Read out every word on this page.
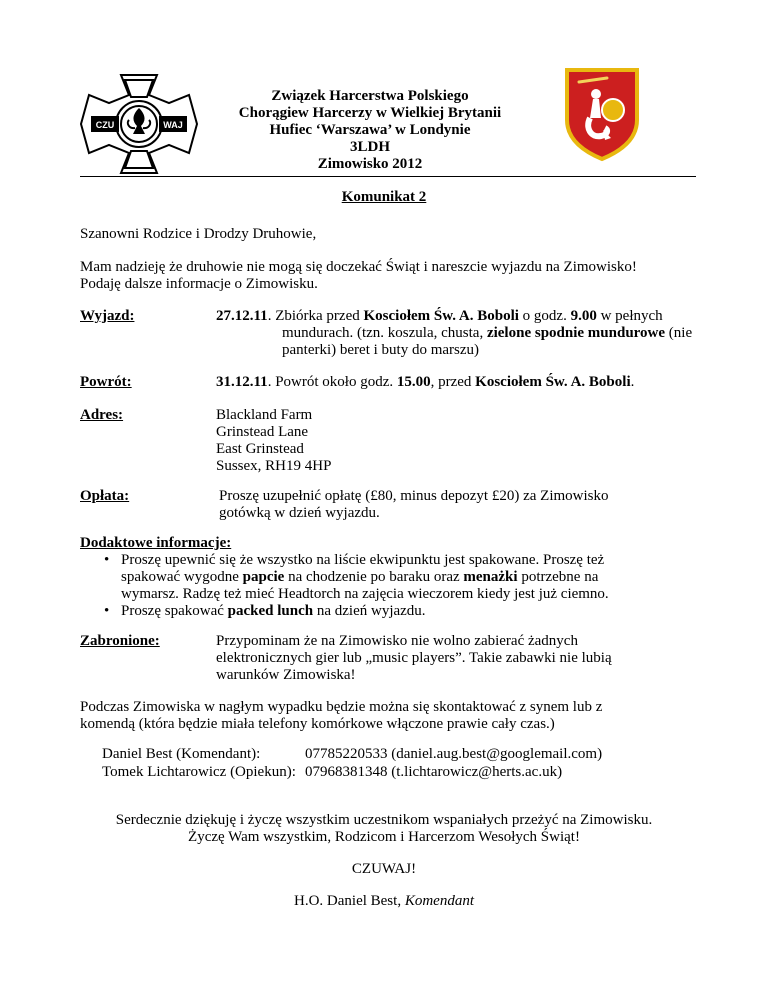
CZU	WAJ
Związek Harcerstwa Polskiego
Chorągiew Harcerzy w Wielkiej Brytanii
Hufiec ‘Warszawa’ w Londynie
3LDH
Zimowisko 2012
Komunikat 2
Szanowni Rodzice i Drodzy Druhowie,
Mam nadzieję że druhowie nie mogą się doczekać Świąt i nareszcie wyjazdu na Zimowisko!
Podaję dalsze informacje o Zimowisku.
Wyjazd:	27.12.11. Zbiórka przed Kosciołem Św. A. Boboli o godz. 9.00 w pełnych mundurach. (tzn. koszula, chusta, zielone spodnie mundurowe (nie panterki) beret i buty do marszu)
Powrót:	31.12.11. Powrót około godz. 15.00, przed Kosciołem Św. A. Boboli.
Adres:	Blackland Farm
Grinstead Lane
East Grinstead
Sussex, RH19 4HP
Opłata:	Proszę uzupełnić opłatę (£80, minus depozyt £20) za Zimowisko
gotówką w dzień wyjazdu.
Dodaktowe informacje:
• Proszę upewnić się że wszystko na liście ekwipunktu jest spakowane. Proszę też spakować wygodne papcie na chodzenie po baraku oraz menażki potrzebne na wymarsz. Radzę też mieć Headtorch na zajęcia wieczorem kiedy jest już ciemno.
• Proszę spakować packed lunch na dzień wyjazdu.
Zabronione:	Przypominam że na Zimowisko nie wolno zabierać żadnych
elektronicznych gier lub „music players”. Takie zabawki nie lubią
warunków Zimowiska!
Podczas Zimowiska w nagłym wypadku będzie można się skontaktować z synem lub z
komendą (która będzie miała telefony komórkowe włączone prawie cały czas.)
Daniel Best (Komendant):	07785220533 (daniel.aug.best@googlemail.com)
Tomek Lichtarowicz (Opiekun): 07968381348 (t.lichtarowicz@herts.ac.uk)
Serdecznie dziękuję i życzę wszystkim uczestnikom wspaniałych przeżyć na Zimowisku.
Życzę Wam wszystkim, Rodzicom i Harcerzom Wesołych Świąt!
CZUWAJ!
H.O. Daniel Best, Komendant
